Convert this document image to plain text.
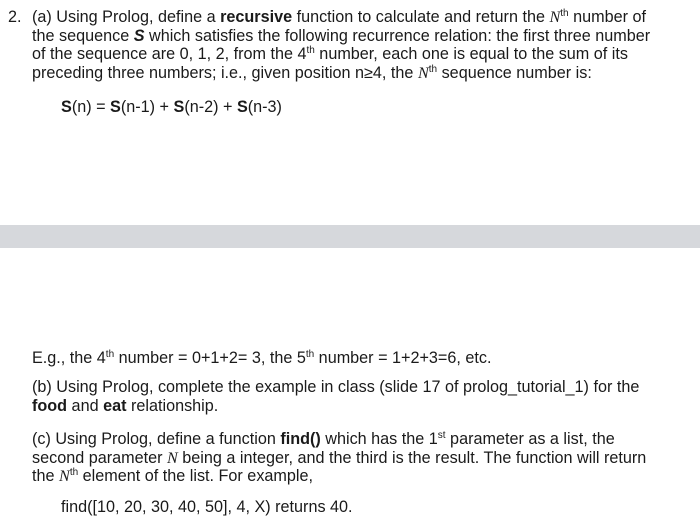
2. (a) Using Prolog, define a recursive function to calculate and return the $N^{th}$ number of
the sequence S which satisfies the following recurrence relation: the first three number
of the sequence are 0, 1, 2, from the 4th number, each one is equal to the sum of its
preceding three numbers; i.e., given position n≥4, the $N^{th}$ sequence number is:
S(n) = S(n-1) + S(n-2) + S(n-3)
E.g., the 4th number = 0+1+2= 3, the 5th number = 1+2+3=6, etc.
(b) Using Prolog, complete the example in class (slide 17 of prolog_tutorial_1) for the
food and eat relationship.
(c) Using Prolog, define a function find() which has the 1st parameter as a list, the
second parameter N being a integer, and the third is the result. The function will return
the $N^{th}$ element of the list. For example,
find([10, 20, 30, 40, 50], 4, X) returns 40.
